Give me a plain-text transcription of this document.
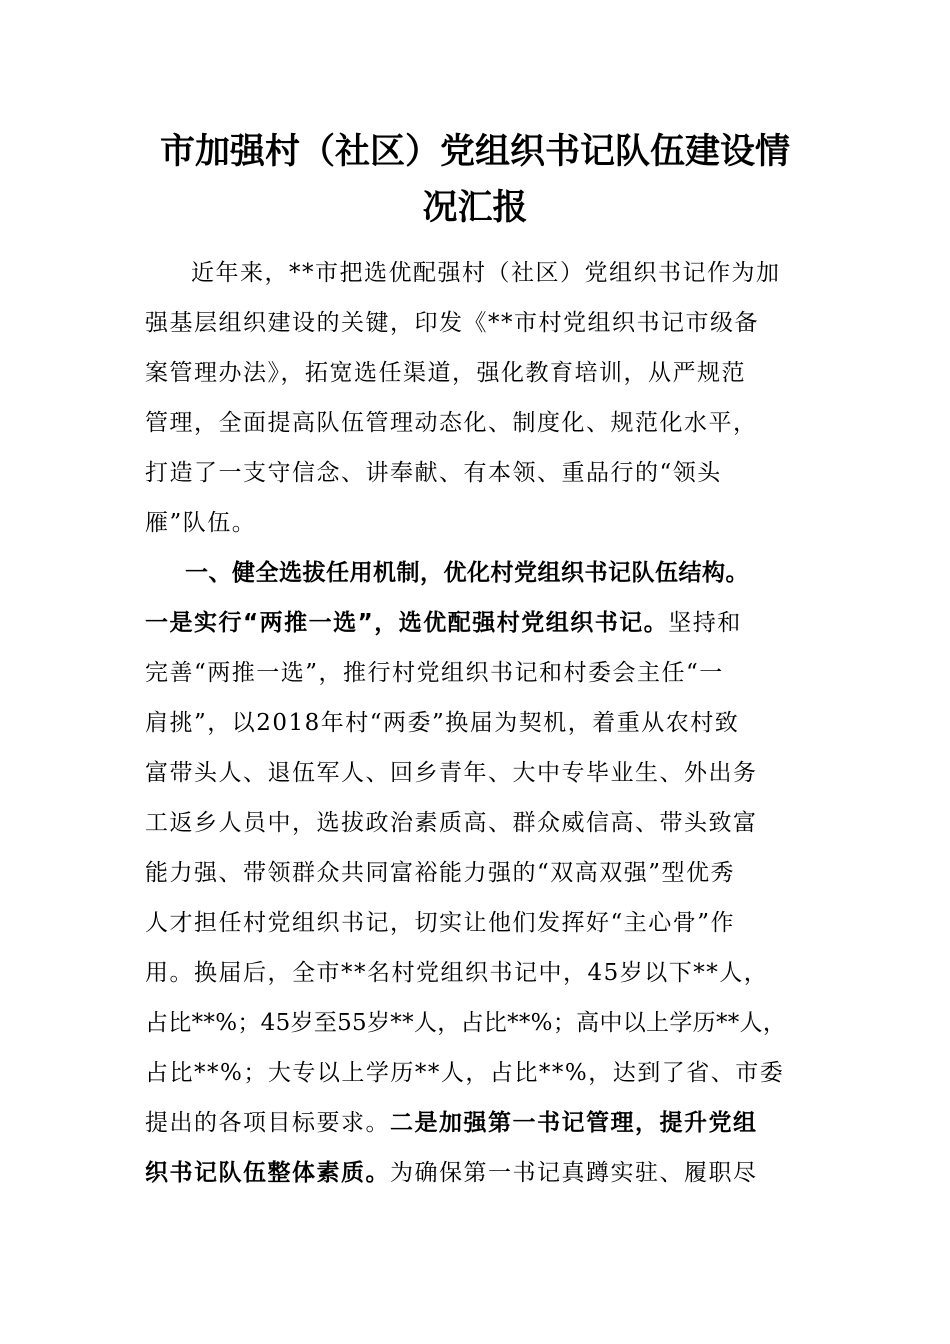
市加强村（社区）党组织书记队伍建设情
况汇报
近年来，**市把选优配强村（社区）党组织书记作为加
强基层组织建设的关键，印发《**市村党组织书记市级备
案管理办法》，拓宽选任渠道，强化教育培训，从严规范
管理，全面提高队伍管理动态化、制度化、规范化水平，
打造了一支守信念、讲奉献、有本领、重品行的“领头
雁”队伍。
一、健全选拔任用机制，优化村党组织书记队伍结构。
一是实行“两推一选”，选优配强村党组织书记。坚持和
完善“两推一选”，推行村党组织书记和村委会主任“一
肩挑”，以2018年村“两委”换届为契机，着重从农村致
富带头人、退伍军人、回乡青年、大中专毕业生、外出务
工返乡人员中，选拔政治素质高、群众威信高、带头致富
能力强、带领群众共同富裕能力强的“双高双强”型优秀
人才担任村党组织书记，切实让他们发挥好“主心骨”作
用。换届后，全市**名村党组织书记中，45岁以下**人，
占比**%；45岁至55岁**人，占比**%；高中以上学历**人，
占比**%；大专以上学历**人，占比**%，达到了省、市委
提出的各项目标要求。二是加强第一书记管理，提升党组
织书记队伍整体素质。为确保第一书记真蹲实驻、履职尽
